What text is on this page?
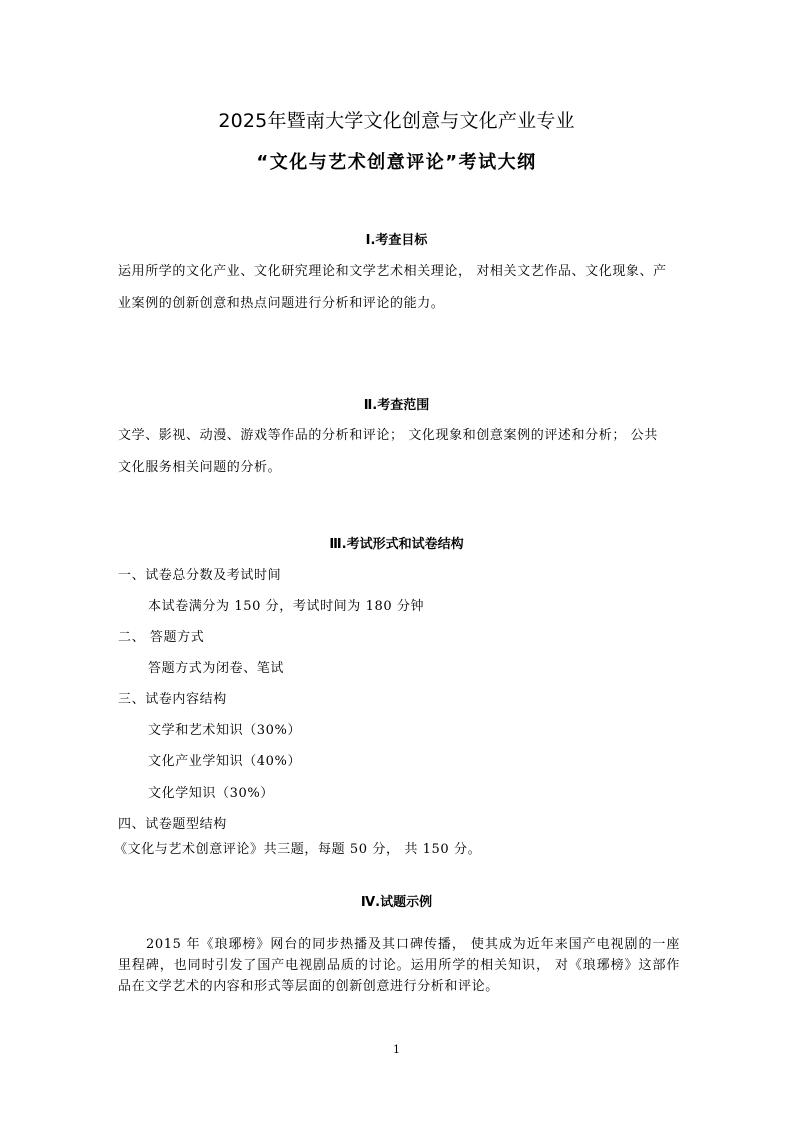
2025年暨南大学文化创意与文化产业专业
“文化与艺术创意评论”考试大纲
Ⅰ.考查目标
运用所学的文化产业、文化研究理论和文学艺术相关理论， 对相关文艺作品、文化现象、产
业案例的创新创意和热点问题进行分析和评论的能力。
Ⅱ.考查范围
文学、影视、动漫、游戏等作品的分析和评论； 文化现象和创意案例的评述和分析； 公共
文化服务相关问题的分析。
Ⅲ.考试形式和试卷结构
一、试卷总分数及考试时间
本试卷满分为 150 分，考试时间为 180 分钟
二、 答题方式
答题方式为闭卷、笔试
三、试卷内容结构
文学和艺术知识（30%）
文化产业学知识（40%）
文化学知识（30%）
四、试卷题型结构
《文化与艺术创意评论》共三题，每题 50 分， 共 150 分。
Ⅳ.试题示例
2015 年《琅琊榜》网台的同步热播及其口碑传播， 使其成为近年来国产电视剧的一座里程碑，也同时引发了国产电视剧品质的讨论。运用所学的相关知识， 对《琅琊榜》这部作品在文学艺术的内容和形式等层面的创新创意进行分析和评论。
1
